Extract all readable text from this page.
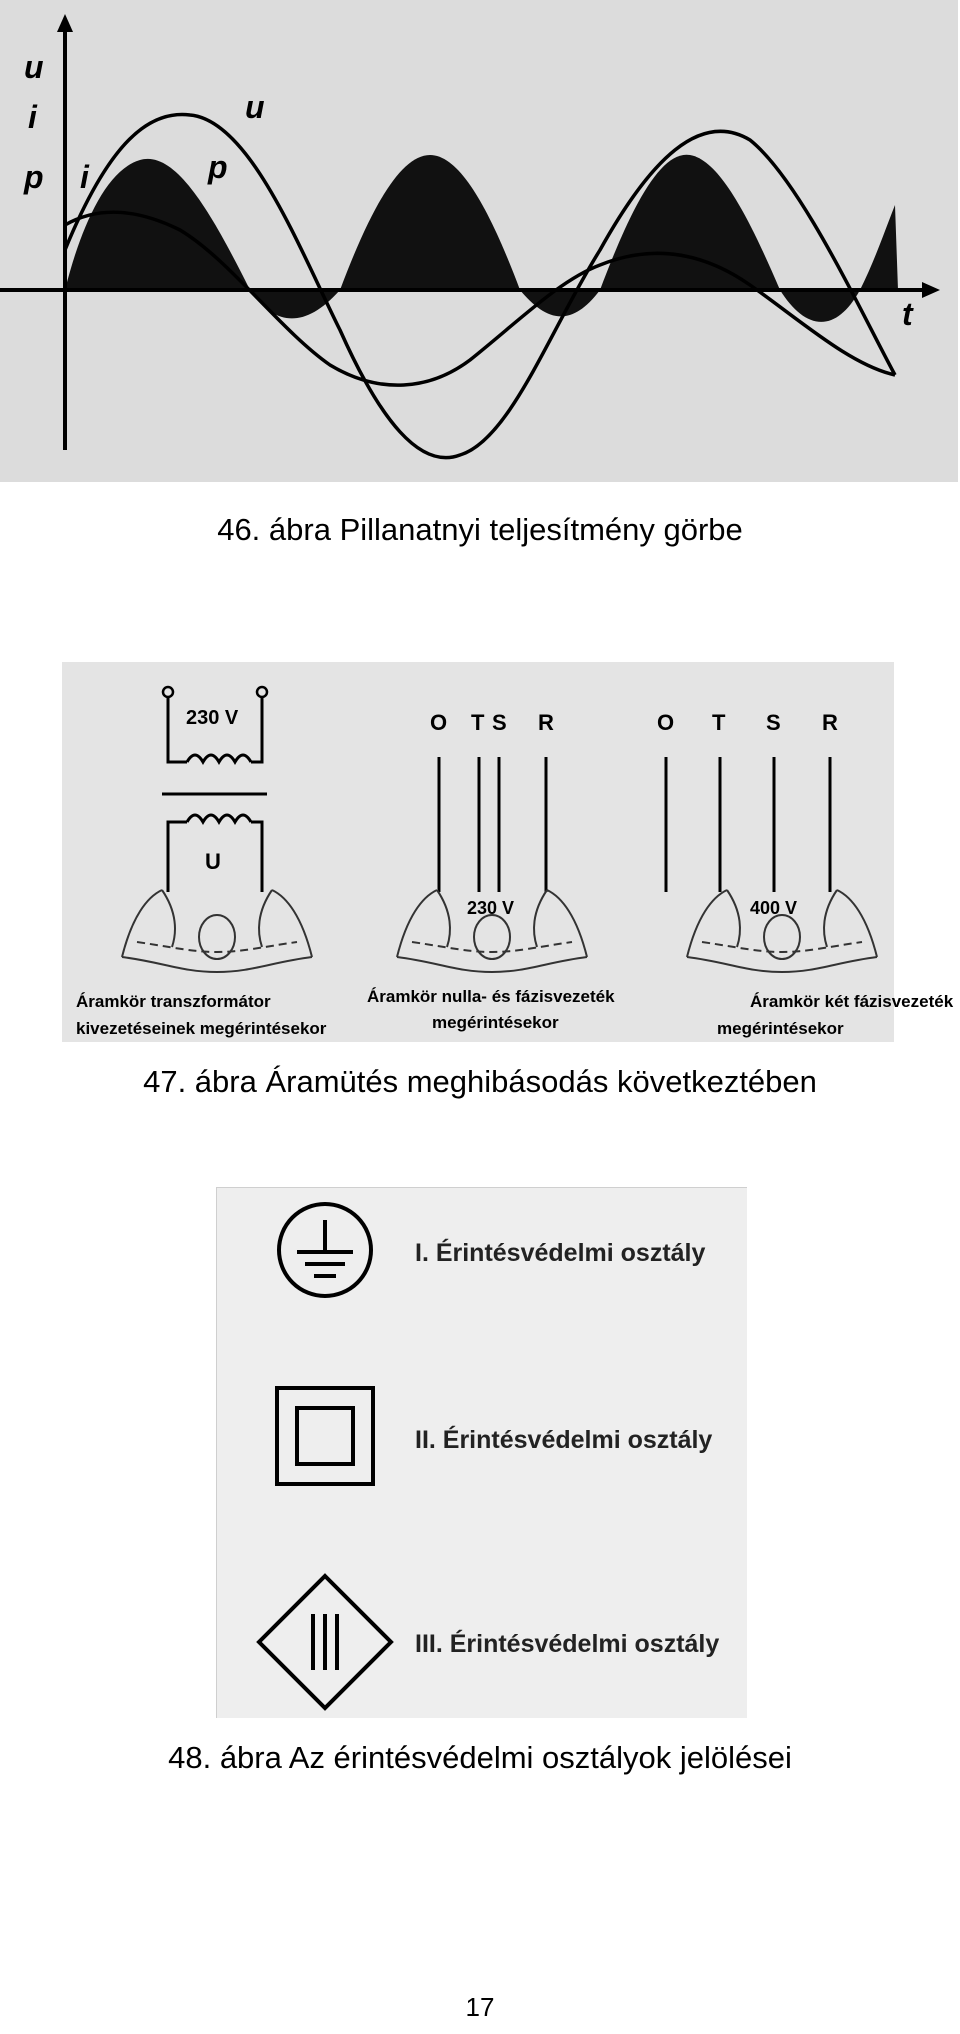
u
i
p
t
i	p
u
46. ábra Pillanatnyi teljesítmény görbe
230 V
U
Áramkör transzformátor
kivezetéseinek megérintésekor
O T S R
230 V
Áramkör nulla- és fázisvezeték
megérintésekor
O T S R
400 V
Áramkör két fázisvezeték
megérintésekor
47. ábra Áramütés meghibásodás következtében
I. Érintésvédelmi osztály
II. Érintésvédelmi osztály
III. Érintésvédelmi osztály
48. ábra Az érintésvédelmi osztályok jelölései
17
